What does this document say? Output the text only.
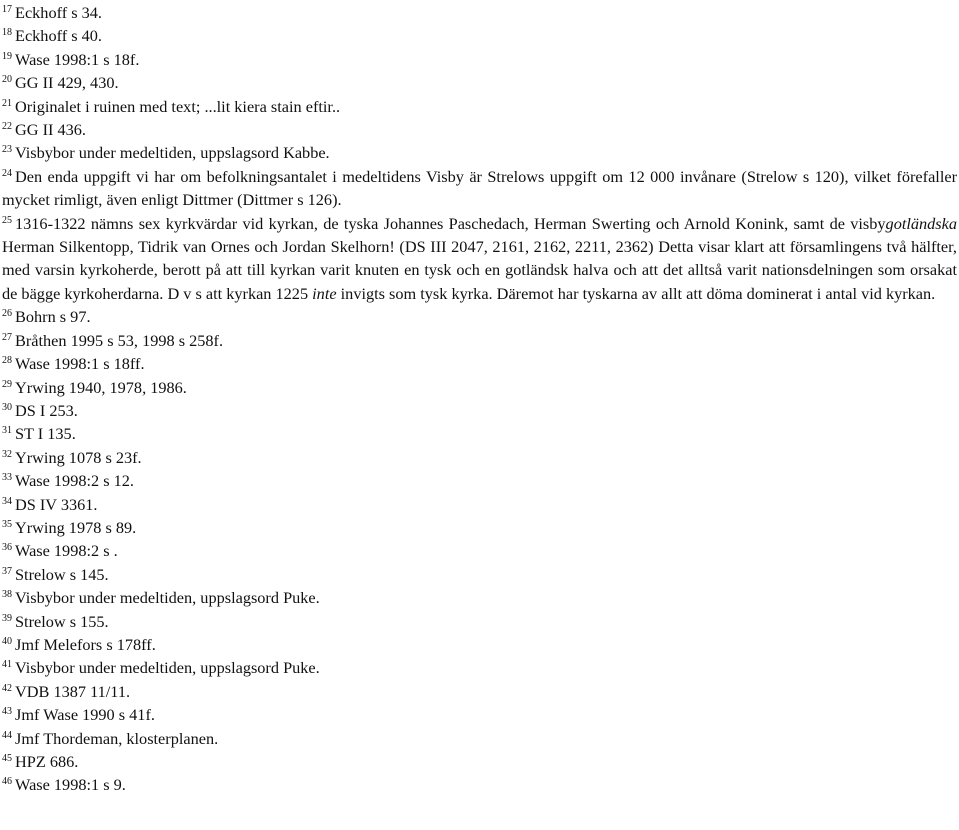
$^{17}$ Eckhoff s 34.

$^{18}$ Eckhoff s 40.

$^{19}$ Wase 1998:1 s 18f.

$^{20}$ GG II 429, 430.

$^{21}$ Originalet i ruinen med text; ...lit kiera stain eftir..

$^{22}$ GG II 436.

$^{23}$ Visbybor under medeltiden, uppslagsord Kabbe.

$^{24}$ Den enda uppgift vi har om befolkningsantalet i medeltidens Visby är Strelows uppgift om 12 000 invånare (Strelow s 120), vilket förefaller mycket rimligt, även enligt Dittmer (Dittmer s 126).

$^{25}$ 1316-1322 nämns sex kyrkvärdar vid kyrkan, de tyska Johannes Paschedach, Herman Swerting och Arnold Konink, samt de visbygotländska Herman Silkentopp, Tidrik van Ornes och Jordan Skelhorn! (DS III 2047, 2161, 2162, 2211, 2362) Detta visar klart att församlingens två hälfter, med varsin kyrkoherde, berott på att till kyrkan varit knuten en tysk och en gotländsk halva och att det alltså varit nationsdelningen som orsakat de bägge kyrkoherdarna. D v s att kyrkan 1225 inte invigts som tysk kyrka. Däremot har tyskarna av allt att döma dominerat i antal vid kyrkan.

$^{26}$ Bohrn s 97.

$^{27}$ Bråthen 1995 s 53, 1998 s 258f.

$^{28}$ Wase 1998:1 s 18ff.

$^{29}$ Yrwing 1940, 1978, 1986.

$^{30}$ DS I 253.

$^{31}$ ST I 135.

$^{32}$ Yrwing 1078 s 23f.

$^{33}$ Wase 1998:2 s 12.

$^{34}$ DS IV 3361.

$^{35}$ Yrwing 1978 s 89.

$^{36}$ Wase 1998:2 s .

$^{37}$ Strelow s 145.

$^{38}$ Visbybor under medeltiden, uppslagsord Puke.

$^{39}$ Strelow s 155.

$^{40}$ Jmf Melefors s 178ff.

$^{41}$ Visbybor under medeltiden, uppslagsord Puke.

$^{42}$ VDB 1387 11/11.

$^{43}$ Jmf Wase 1990 s 41f.

$^{44}$ Jmf Thordeman, klosterplanen.

$^{45}$ HPZ 686.

$^{46}$ Wase 1998:1 s 9.
